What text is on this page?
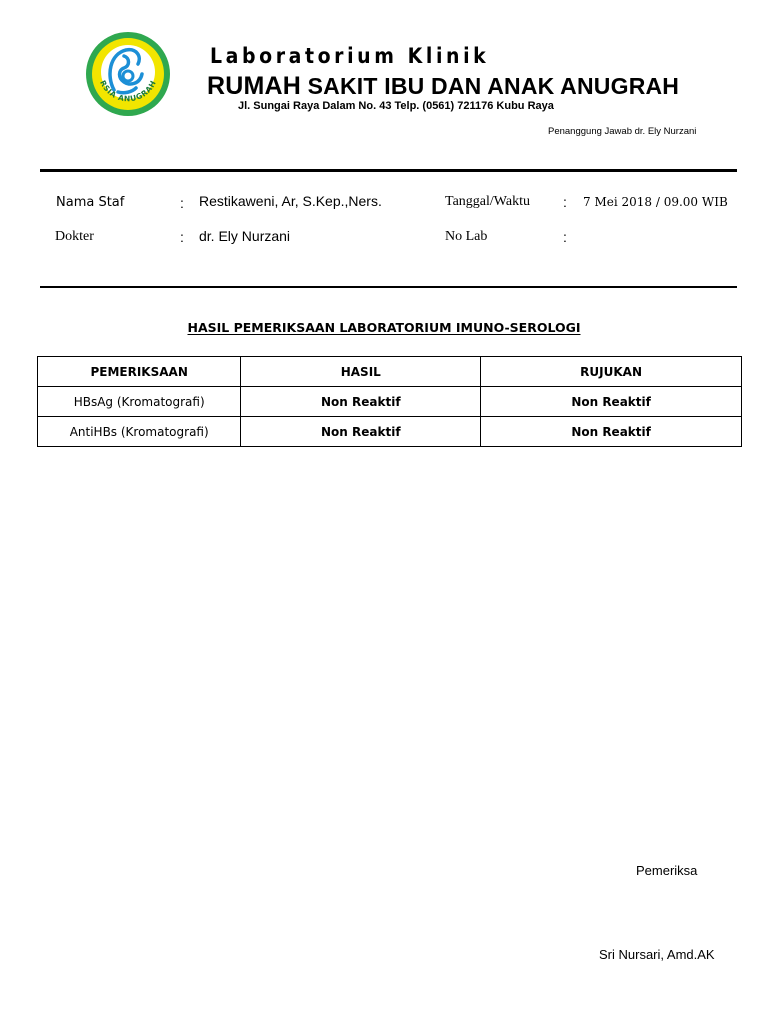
RSIA ANUGRAH
Laboratorium Klinik
RUMAH SAKIT IBU DAN ANAK ANUGRAH
Jl. Sungai Raya Dalam No. 43 Telp. (0561) 721176 Kubu Raya
Penanggung Jawab dr. Ely Nurzani
Nama Staf	: Restikaweni, Ar, S.Kep.,Ners.
Dokter	: dr. Ely Nurzani
Tanggal/Waktu : 7 Mei 2018 / 09.00 WIB
No Lab	:
HASIL PEMERIKSAAN LABORATORIUM IMUNO-SEROLOGI
PEMERIKSAAN	HASIL	RUJUKAN
HBsAg (Kromatografi)	Non Reaktif	Non Reaktif
AntiHBs (Kromatografi)	Non Reaktif	Non Reaktif
Pemeriksa
Sri Nursari, Amd.AK
